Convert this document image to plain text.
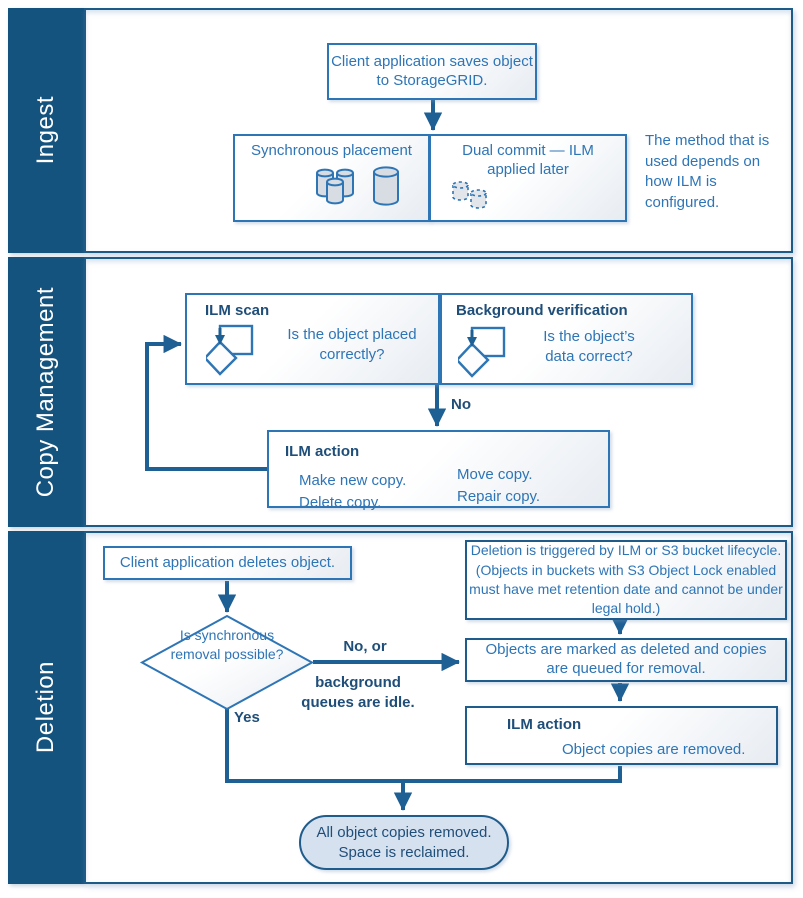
Ingest
Copy Management
Deletion
Client application saves object to StorageGRID.
Synchronous placement	Dual commit — ILM applied later
The method that is used depends on how ILM is configured.
ILM scan
Is the object placed correctly?
Background verification
Is the object’s data correct?
No
ILM action
Make new copy.
Delete copy.
Move copy.
Repair copy.
Client application deletes object.
Is synchronous removal possible?	No, or
background queues are idle.
Yes
Deletion is triggered by ILM or S3 bucket lifecycle. (Objects in buckets with S3 Object Lock enabled must have met retention date and cannot be under legal hold.)
Objects are marked as deleted and copies are queued for removal.
ILM action
Object copies are removed.
All object copies removed. Space is reclaimed.
